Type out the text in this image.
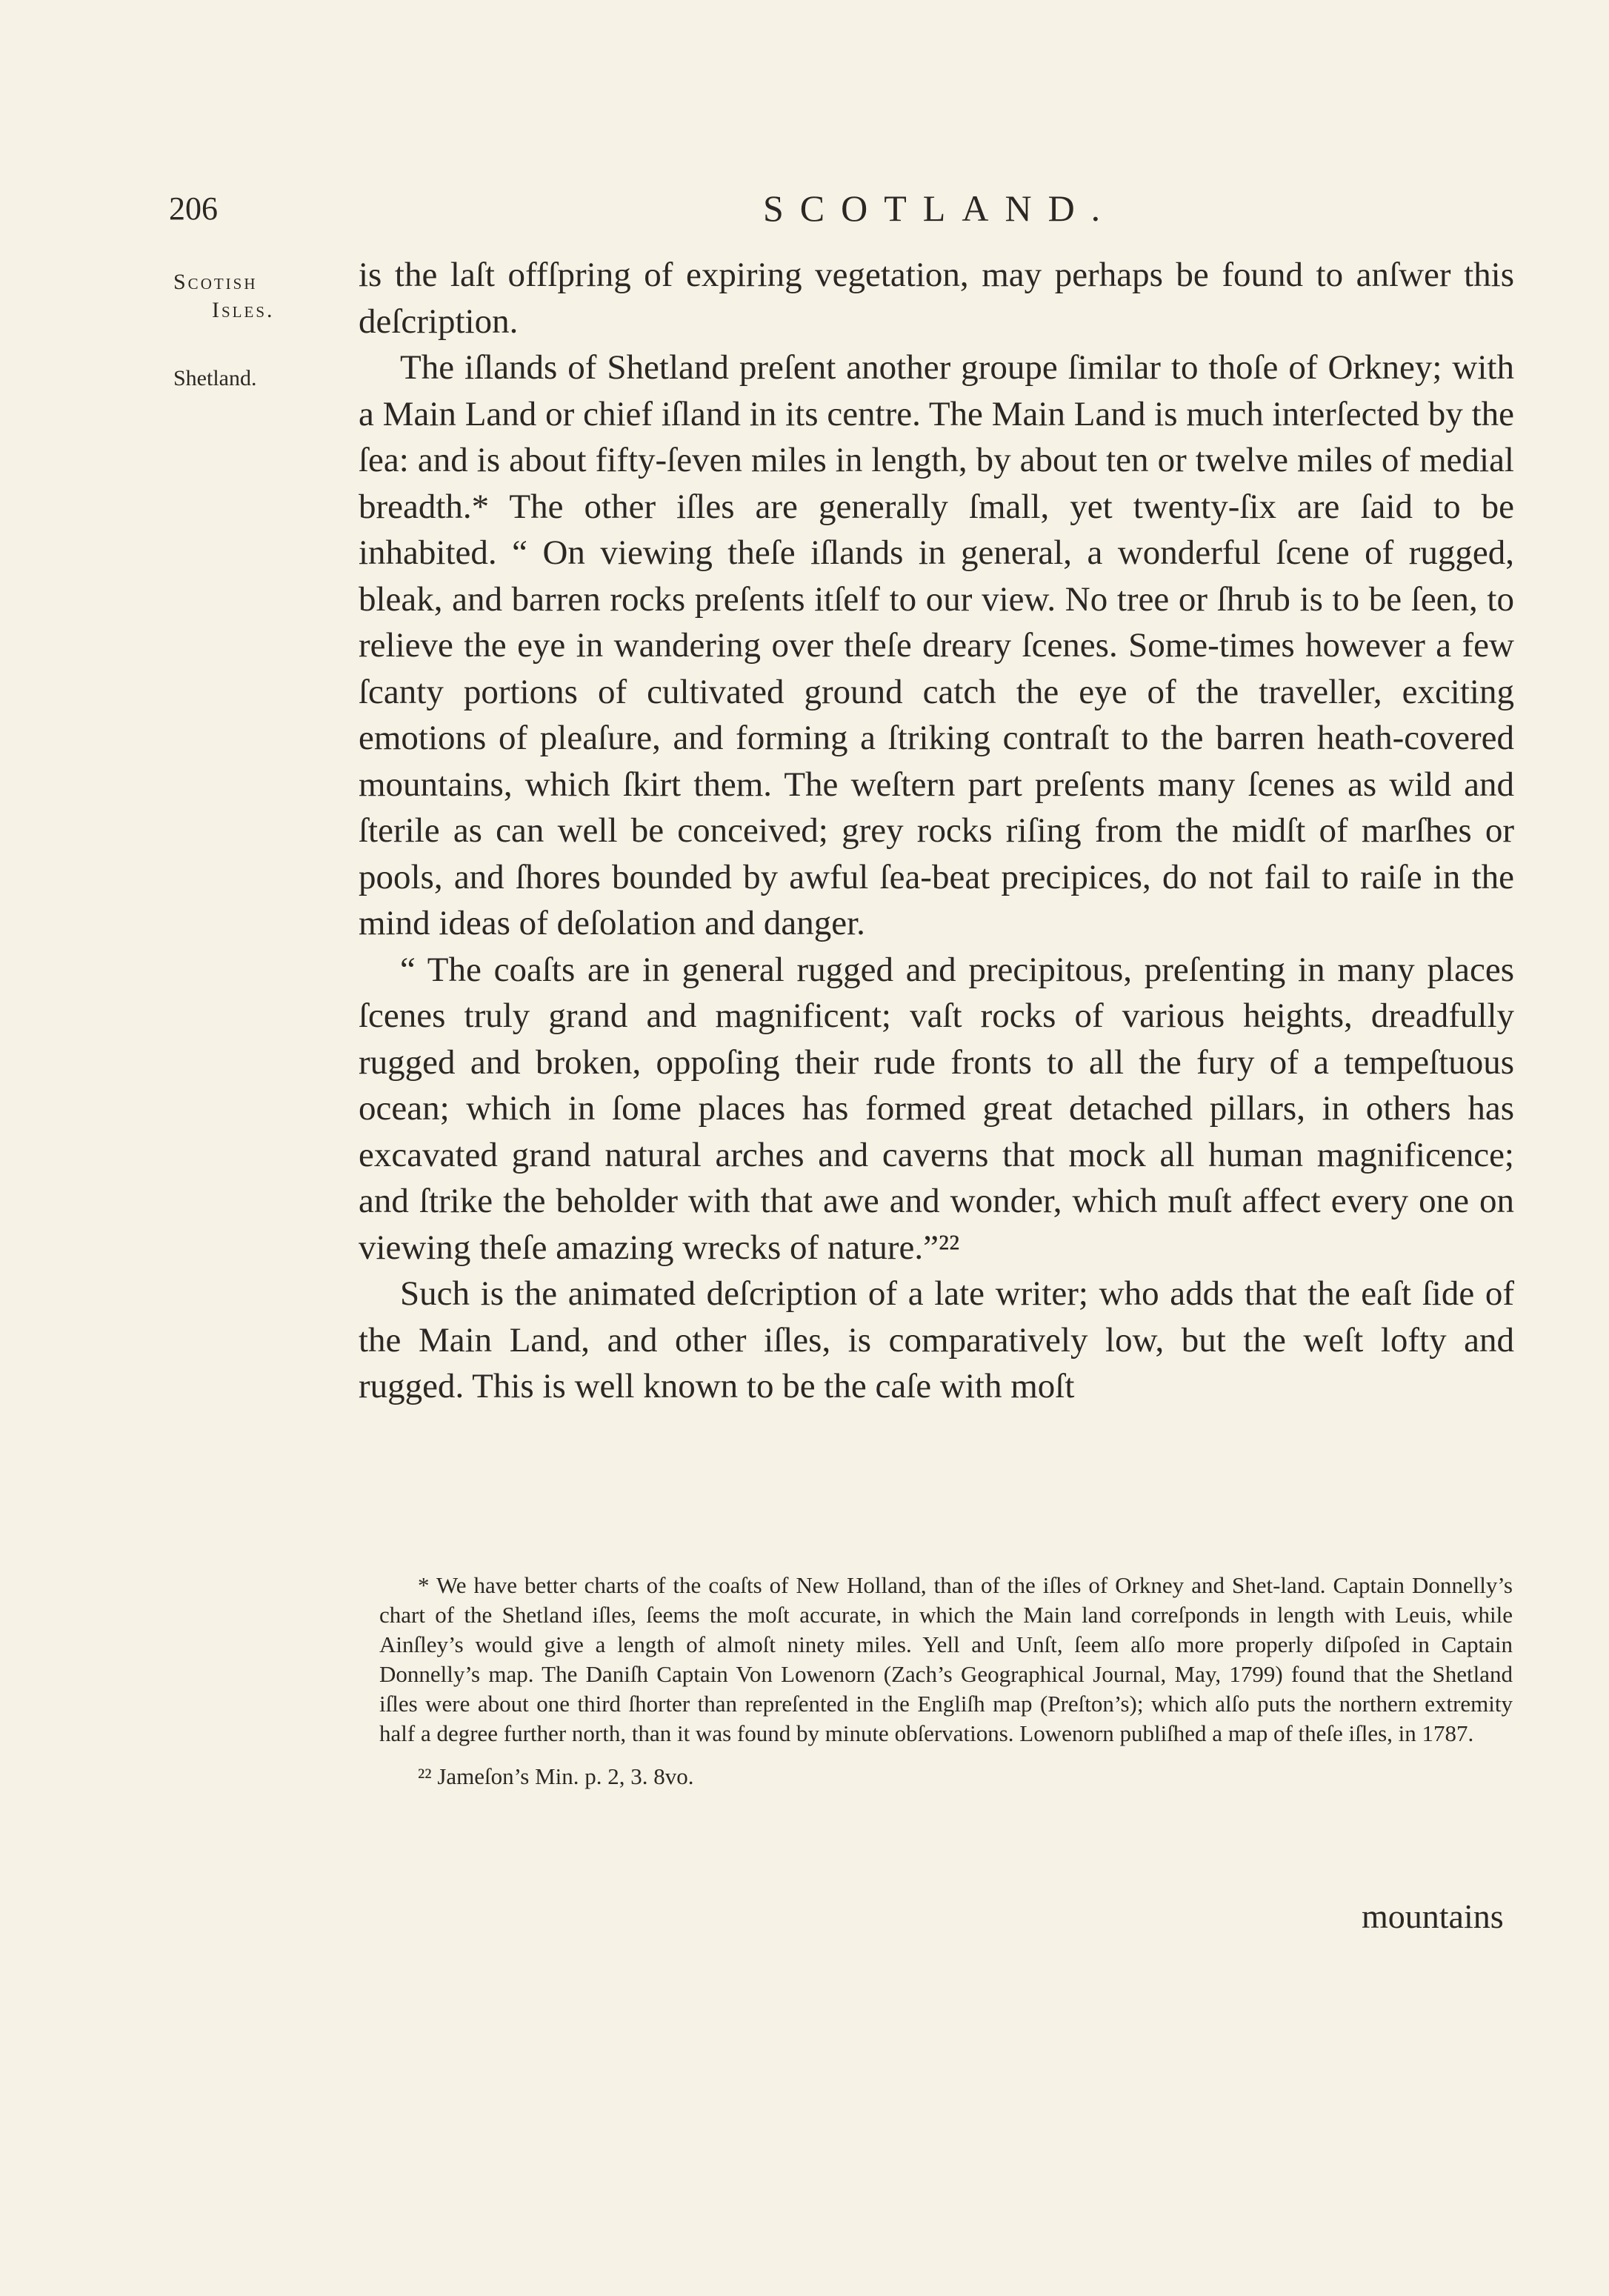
206	SCOTLAND.
Scotish
Isles.
Shetland.

is the laſt offſpring of expiring vegetation, may perhaps be found to anſwer this deſcription.

The iſlands of Shetland preſent another groupe ſimilar to thoſe of Orkney; with a Main Land or chief iſland in its centre. The Main Land is much interſected by the ſea: and is about fifty-ſeven miles in length, by about ten or twelve miles of medial breadth.* The other iſles are generally ſmall, yet twenty-ſix are ſaid to be inhabited. “ On viewing theſe iſlands in general, a wonderful ſcene of rugged, bleak, and barren rocks preſents itſelf to our view. No tree or ſhrub is to be ſeen, to relieve the eye in wandering over theſe dreary ſcenes. Some-times however a few ſcanty portions of cultivated ground catch the eye of the traveller, exciting emotions of pleaſure, and forming a ſtriking contraſt to the barren heath-covered mountains, which ſkirt them. The weſtern part preſents many ſcenes as wild and ſterile as can well be conceived; grey rocks riſing from the midſt of marſhes or pools, and ſhores bounded by awful ſea-beat precipices, do not fail to raiſe in the mind ideas of deſolation and danger.

“ The coaſts are in general rugged and precipitous, preſenting in many places ſcenes truly grand and magnificent; vaſt rocks of various heights, dreadfully rugged and broken, oppoſing their rude fronts to all the fury of a tempeſtuous ocean; which in ſome places has formed great detached pillars, in others has excavated grand natural arches and caverns that mock all human magnificence; and ſtrike the beholder with that awe and wonder, which muſt affect every one on viewing theſe amazing wrecks of nature.”²²

Such is the animated deſcription of a late writer; who adds that the eaſt ſide of the Main Land, and other iſles, is comparatively low, but the weſt lofty and rugged. This is well known to be the caſe with moſt

* We have better charts of the coaſts of New Holland, than of the iſles of Orkney and Shet-land. Captain Donnelly’s chart of the Shetland iſles, ſeems the moſt accurate, in which the Main land correſponds in length with Leuis, while Ainſley’s would give a length of almoſt ninety miles. Yell and Unſt, ſeem alſo more properly diſpoſed in Captain Donnelly’s map. The Daniſh Captain Von Lowenorn (Zach’s Geographical Journal, May, 1799) found that the Shetland iſles were about one third ſhorter than repreſented in the Engliſh map (Preſton’s); which alſo puts the northern extremity half a degree further north, than it was found by minute obſervations. Lowenorn publiſhed a map of theſe iſles, in 1787.

²² Jameſon’s Min. p. 2, 3. 8vo.

mountains
